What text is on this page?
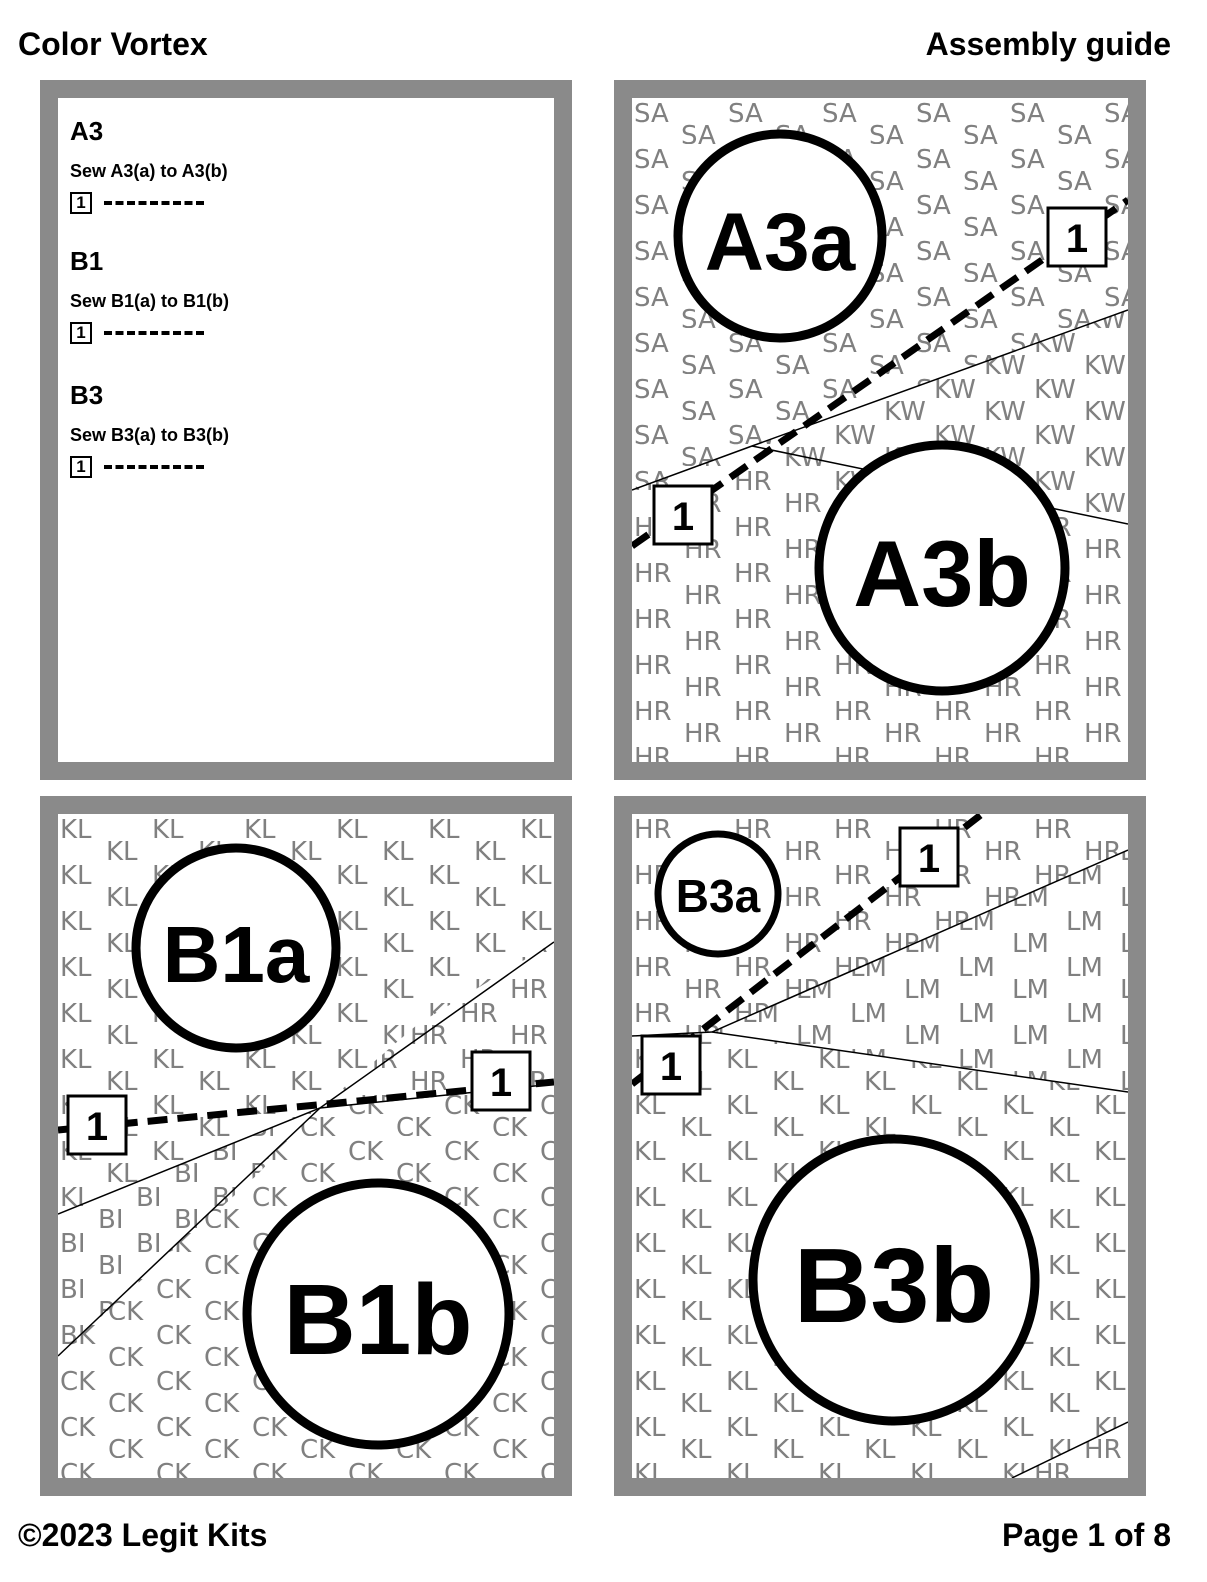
Color Vortex	Assembly guide
A3
Sew A3(a) to A3(b)
1
B1
Sew B1(a) to B1(b)
1
B3
Sew B3(a) to B3(b)
1
A3a
A3b
1
1
B1a
B1b
1
1
B3a
B3b
1
1
©2023 Legit Kits	Page 1 of 8
